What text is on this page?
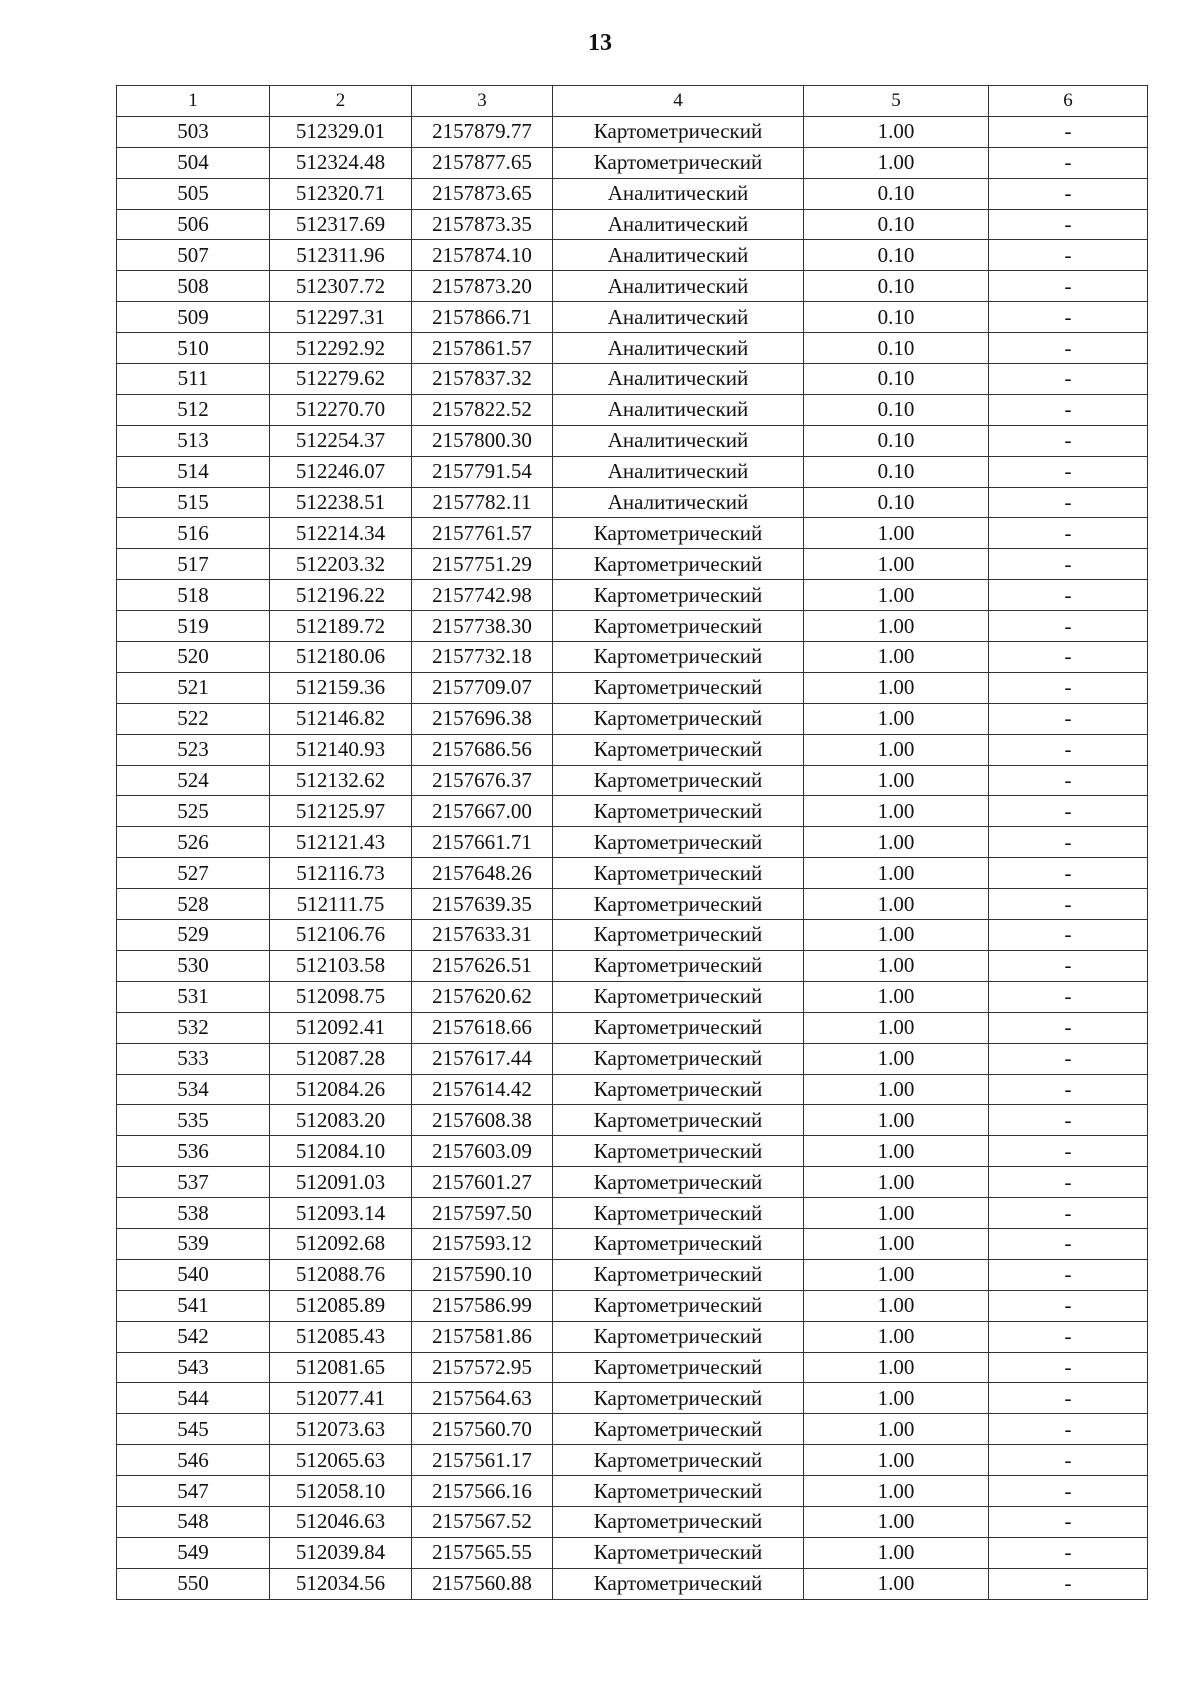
13
1	2	3	4	5	6
503	512329.01	2157879.77	Картометрический	1.00	-
504	512324.48	2157877.65	Картометрический	1.00	-
505	512320.71	2157873.65	Аналитический	0.10	-
506	512317.69	2157873.35	Аналитический	0.10	-
507	512311.96	2157874.10	Аналитический	0.10	-
508	512307.72	2157873.20	Аналитический	0.10	-
509	512297.31	2157866.71	Аналитический	0.10	-
510	512292.92	2157861.57	Аналитический	0.10	-
511	512279.62	2157837.32	Аналитический	0.10	-
512	512270.70	2157822.52	Аналитический	0.10	-
513	512254.37	2157800.30	Аналитический	0.10	-
514	512246.07	2157791.54	Аналитический	0.10	-
515	512238.51	2157782.11	Аналитический	0.10	-
516	512214.34	2157761.57	Картометрический	1.00	-
517	512203.32	2157751.29	Картометрический	1.00	-
518	512196.22	2157742.98	Картометрический	1.00	-
519	512189.72	2157738.30	Картометрический	1.00	-
520	512180.06	2157732.18	Картометрический	1.00	-
521	512159.36	2157709.07	Картометрический	1.00	-
522	512146.82	2157696.38	Картометрический	1.00	-
523	512140.93	2157686.56	Картометрический	1.00	-
524	512132.62	2157676.37	Картометрический	1.00	-
525	512125.97	2157667.00	Картометрический	1.00	-
526	512121.43	2157661.71	Картометрический	1.00	-
527	512116.73	2157648.26	Картометрический	1.00	-
528	512111.75	2157639.35	Картометрический	1.00	-
529	512106.76	2157633.31	Картометрический	1.00	-
530	512103.58	2157626.51	Картометрический	1.00	-
531	512098.75	2157620.62	Картометрический	1.00	-
532	512092.41	2157618.66	Картометрический	1.00	-
533	512087.28	2157617.44	Картометрический	1.00	-
534	512084.26	2157614.42	Картометрический	1.00	-
535	512083.20	2157608.38	Картометрический	1.00	-
536	512084.10	2157603.09	Картометрический	1.00	-
537	512091.03	2157601.27	Картометрический	1.00	-
538	512093.14	2157597.50	Картометрический	1.00	-
539	512092.68	2157593.12	Картометрический	1.00	-
540	512088.76	2157590.10	Картометрический	1.00	-
541	512085.89	2157586.99	Картометрический	1.00	-
542	512085.43	2157581.86	Картометрический	1.00	-
543	512081.65	2157572.95	Картометрический	1.00	-
544	512077.41	2157564.63	Картометрический	1.00	-
545	512073.63	2157560.70	Картометрический	1.00	-
546	512065.63	2157561.17	Картометрический	1.00	-
547	512058.10	2157566.16	Картометрический	1.00	-
548	512046.63	2157567.52	Картометрический	1.00	-
549	512039.84	2157565.55	Картометрический	1.00	-
550	512034.56	2157560.88	Картометрический	1.00	-
